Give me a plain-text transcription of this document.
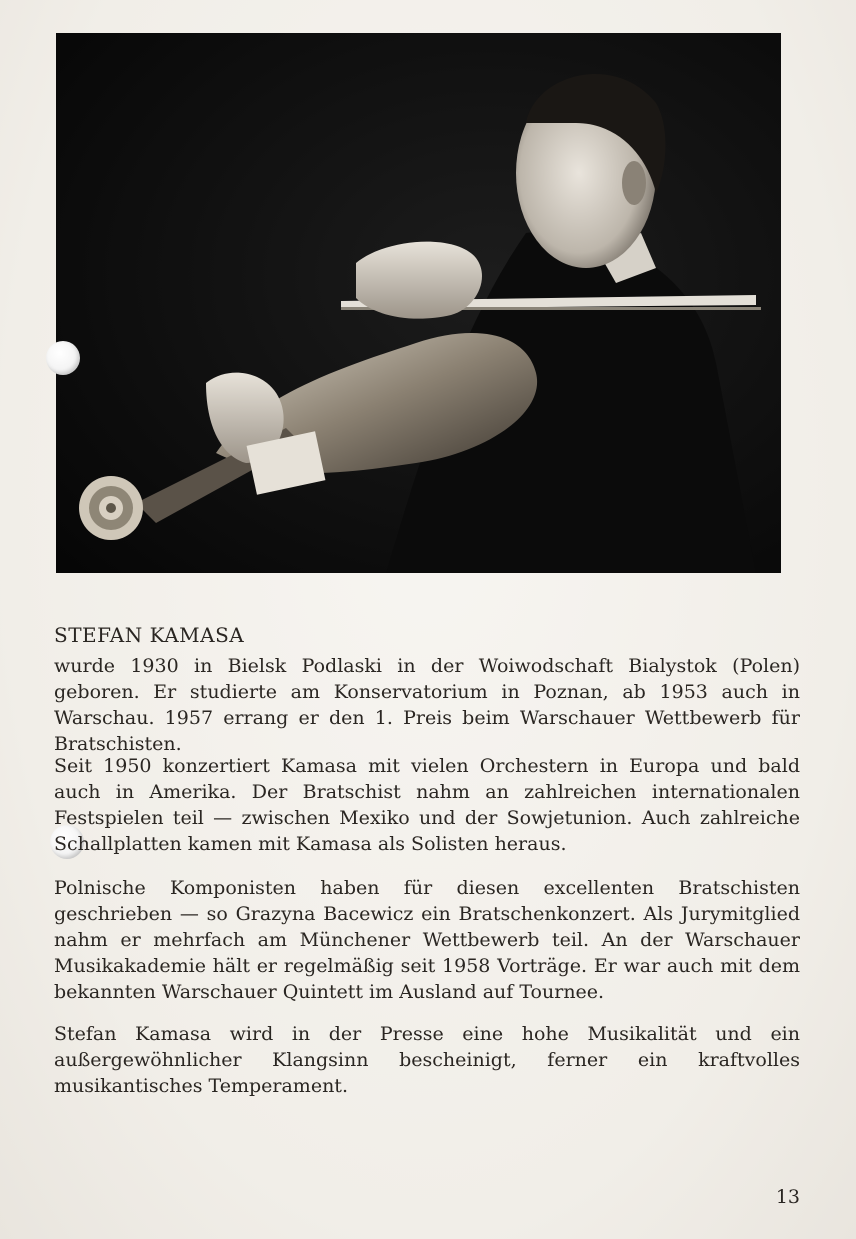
STEFAN KAMASA
wurde 1930 in Bielsk Podlaski in der Woiwodschaft Bialystok (Polen) geboren. Er studierte am Konservatorium in Poznan, ab 1953 auch in Warschau. 1957 errang er den 1. Preis beim Warschauer Wettbewerb für Bratschisten.
Seit 1950 konzertiert Kamasa mit vielen Orchestern in Europa und bald auch in Amerika. Der Bratschist nahm an zahlreichen internationalen Festspielen teil — zwischen Mexiko und der Sowjetunion. Auch zahlreiche Schallplatten kamen mit Kamasa als Solisten heraus.
Polnische Komponisten haben für diesen excellenten Bratschisten geschrieben — so Grazyna Bacewicz ein Bratschenkonzert. Als Jurymitglied nahm er mehrfach am Münchener Wettbewerb teil. An der Warschauer Musikakademie hält er regelmäßig seit 1958 Vorträge. Er war auch mit dem bekannten Warschauer Quintett im Ausland auf Tournee.
Stefan Kamasa wird in der Presse eine hohe Musikalität und ein außergewöhnlicher Klangsinn bescheinigt, ferner ein kraftvolles musikantisches Temperament.
13
